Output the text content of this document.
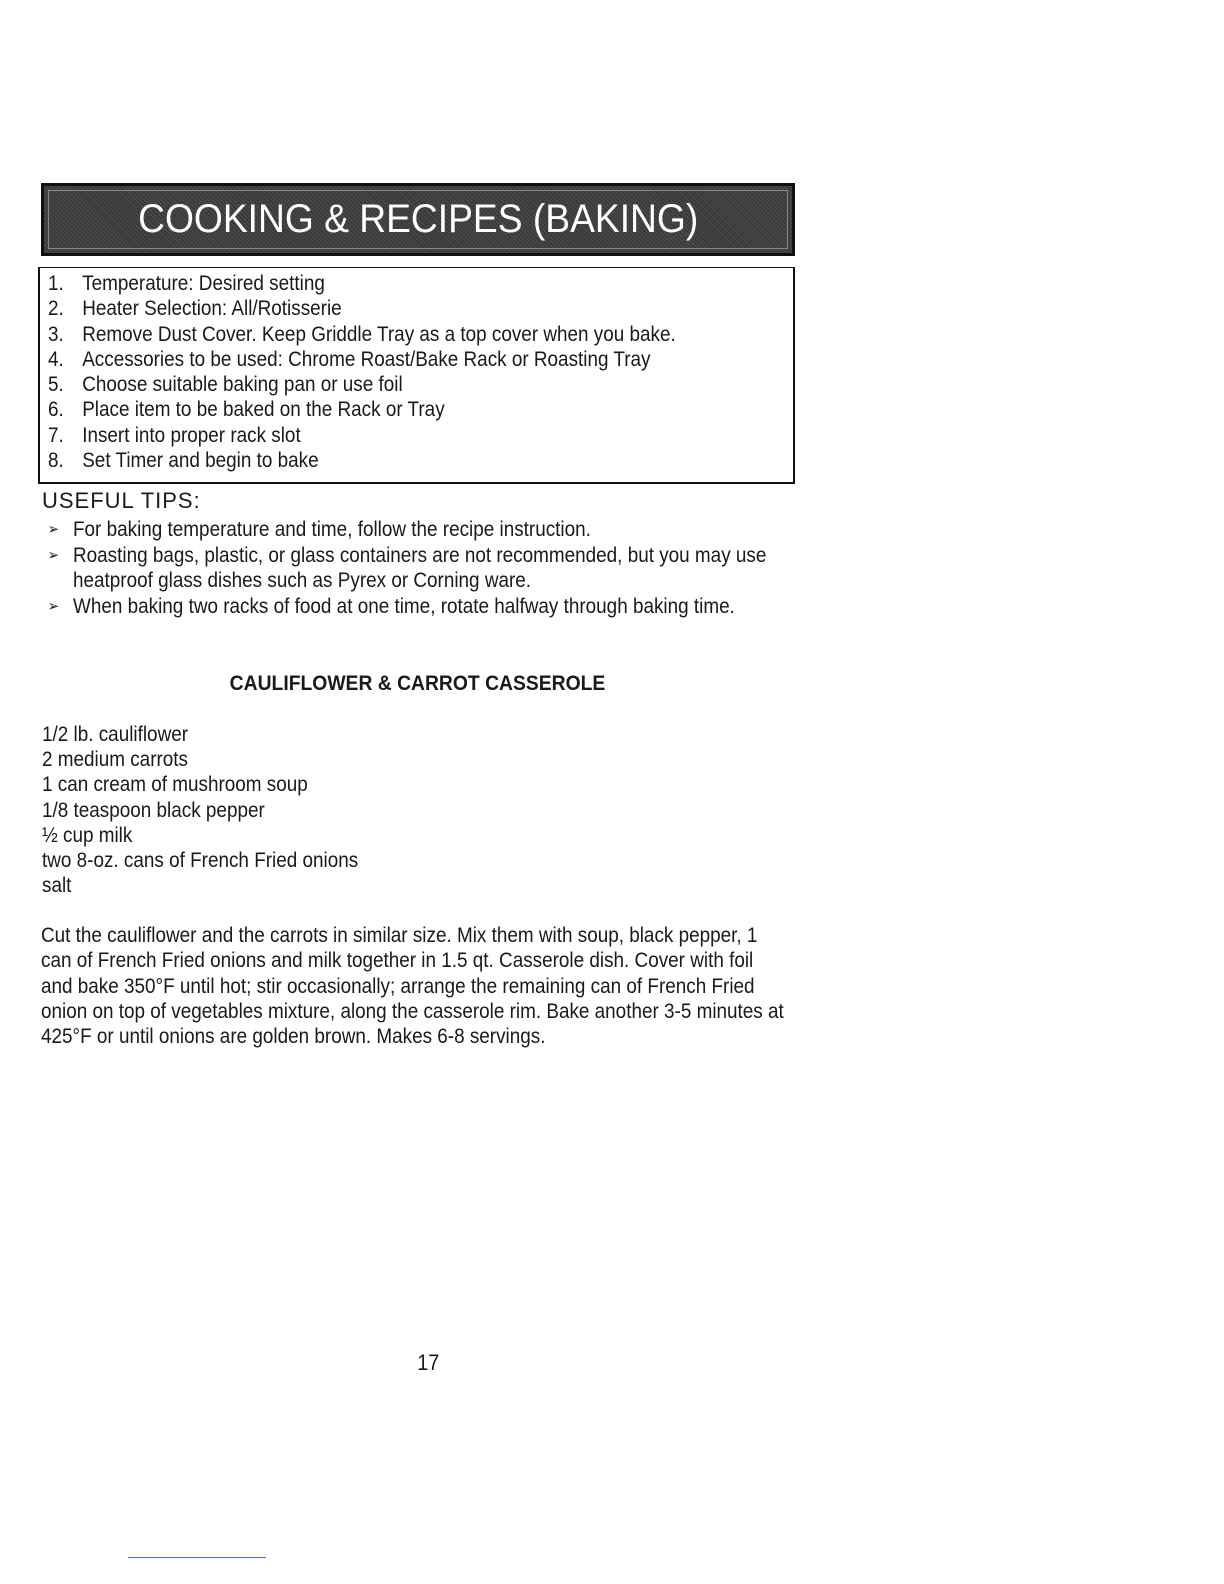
COOKING & RECIPES (BAKING)
1. Temperature: Desired setting
2. Heater Selection: All/Rotisserie
3. Remove Dust Cover. Keep Griddle Tray as a top cover when you bake.
4. Accessories to be used: Chrome Roast/Bake Rack or Roasting Tray
5. Choose suitable baking pan or use foil
6. Place item to be baked on the Rack or Tray
7. Insert into proper rack slot
8. Set Timer and begin to bake
USEFUL TIPS:
➢ For baking temperature and time, follow the recipe instruction.
➢ Roasting bags, plastic, or glass containers are not recommended, but you may use heatproof glass dishes such as Pyrex or Corning ware.
➢ When baking two racks of food at one time, rotate halfway through baking time.
CAULIFLOWER & CARROT CASSEROLE
1/2 lb. cauliflower
2 medium carrots
1 can cream of mushroom soup
1/8 teaspoon black pepper
½ cup milk
two 8-oz. cans of French Fried onions
salt

Cut the cauliflower and the carrots in similar size. Mix them with soup, black pepper, 1 can of French Fried onions and milk together in 1.5 qt. Casserole dish. Cover with foil and bake 350°F until hot; stir occasionally; arrange the remaining can of French Fried onion on top of vegetables mixture, along the casserole rim. Bake another 3-5 minutes at 425°F or until onions are golden brown. Makes 6-8 servings.

17
